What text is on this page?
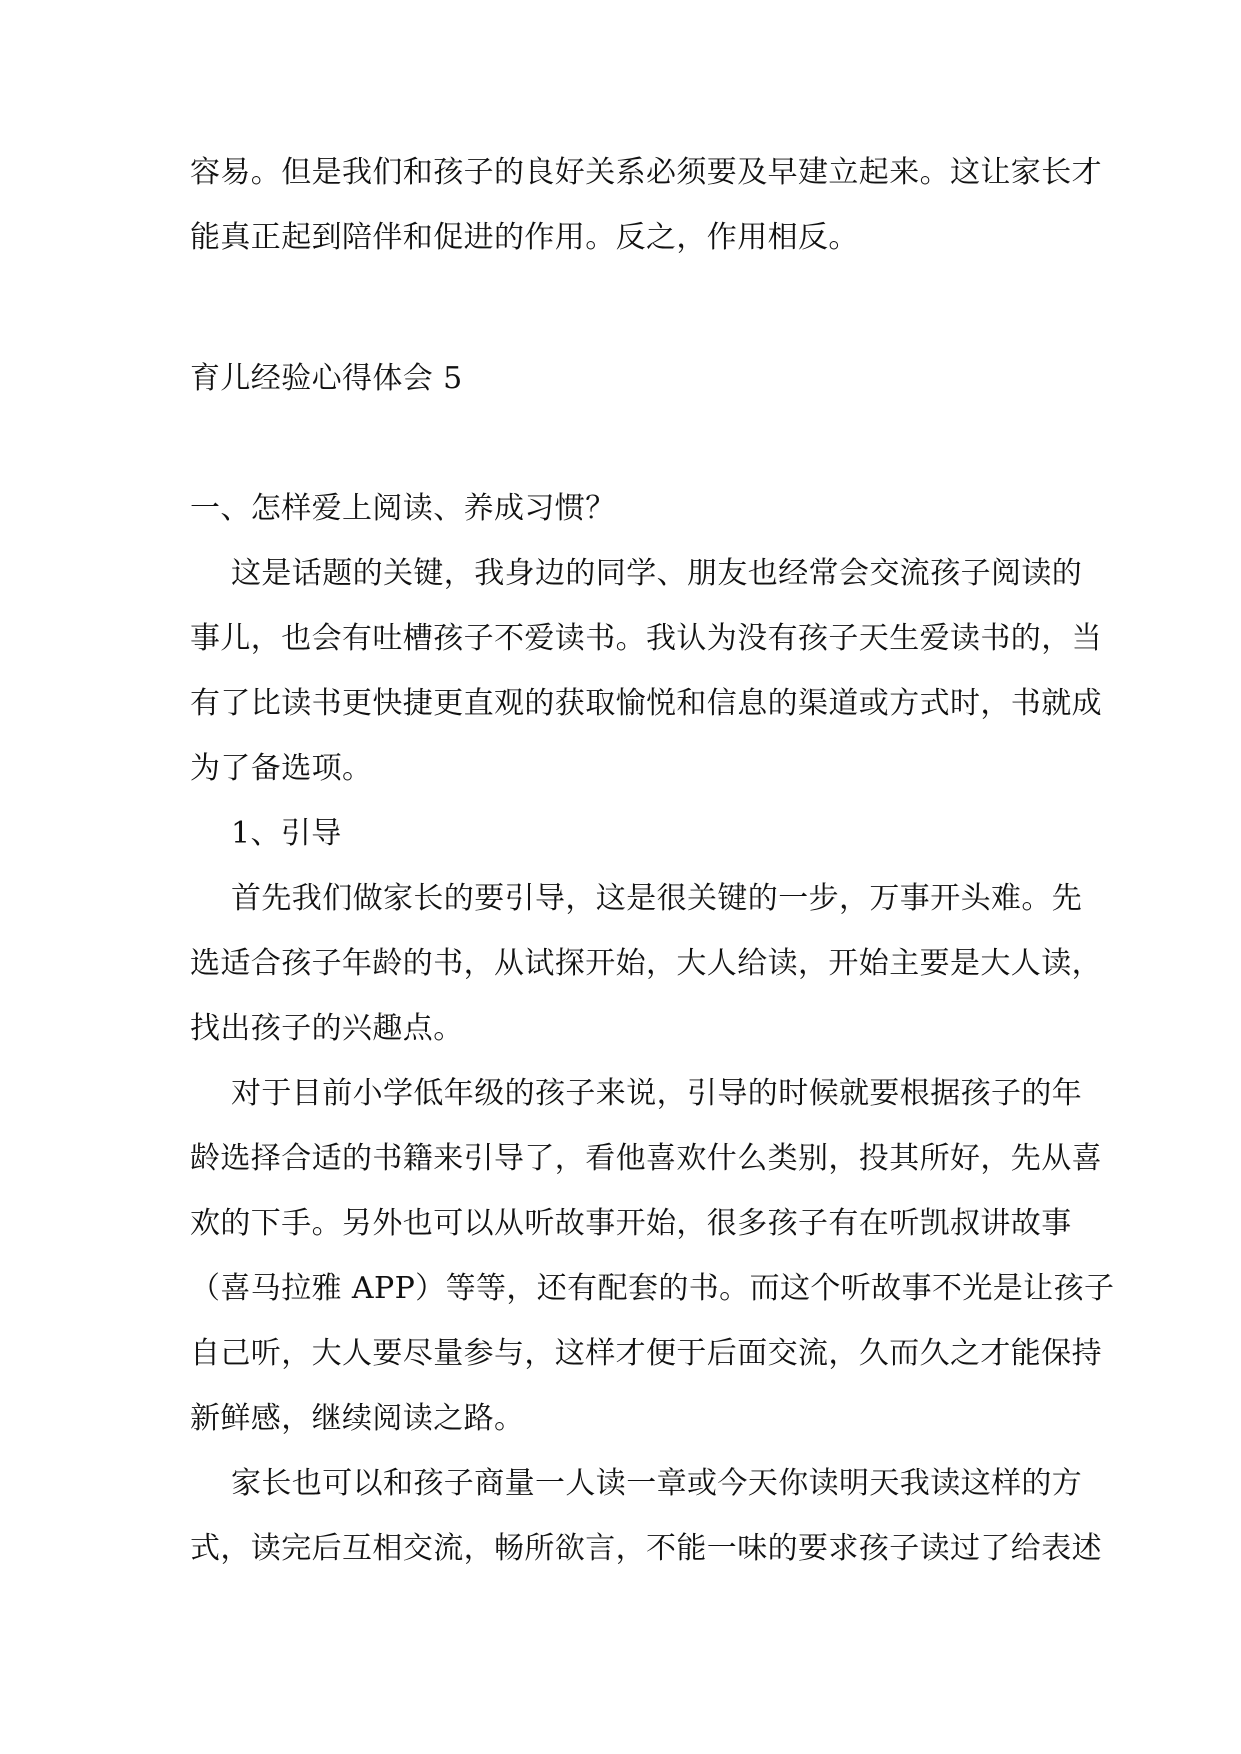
容易。但是我们和孩子的良好关系必须要及早建立起来。这让家长才

能真正起到陪伴和促进的作用。反之，作用相反。

育儿经验心得体会 5

一、怎样爱上阅读、养成习惯？

这是话题的关键，我身边的同学、朋友也经常会交流孩子阅读的

事儿，也会有吐槽孩子不爱读书。我认为没有孩子天生爱读书的，当

有了比读书更快捷更直观的获取愉悦和信息的渠道或方式时，书就成

为了备选项。

1、引导

首先我们做家长的要引导，这是很关键的一步，万事开头难。先

选适合孩子年龄的书，从试探开始，大人给读，开始主要是大人读，

找出孩子的兴趣点。

对于目前小学低年级的孩子来说，引导的时候就要根据孩子的年

龄选择合适的书籍来引导了，看他喜欢什么类别，投其所好，先从喜

欢的下手。另外也可以从听故事开始，很多孩子有在听凯叔讲故事

（喜马拉雅 APP）等等，还有配套的书。而这个听故事不光是让孩子

自己听，大人要尽量参与，这样才便于后面交流，久而久之才能保持

新鲜感，继续阅读之路。

家长也可以和孩子商量一人读一章或今天你读明天我读这样的方

式，读完后互相交流，畅所欲言，不能一味的要求孩子读过了给表述
